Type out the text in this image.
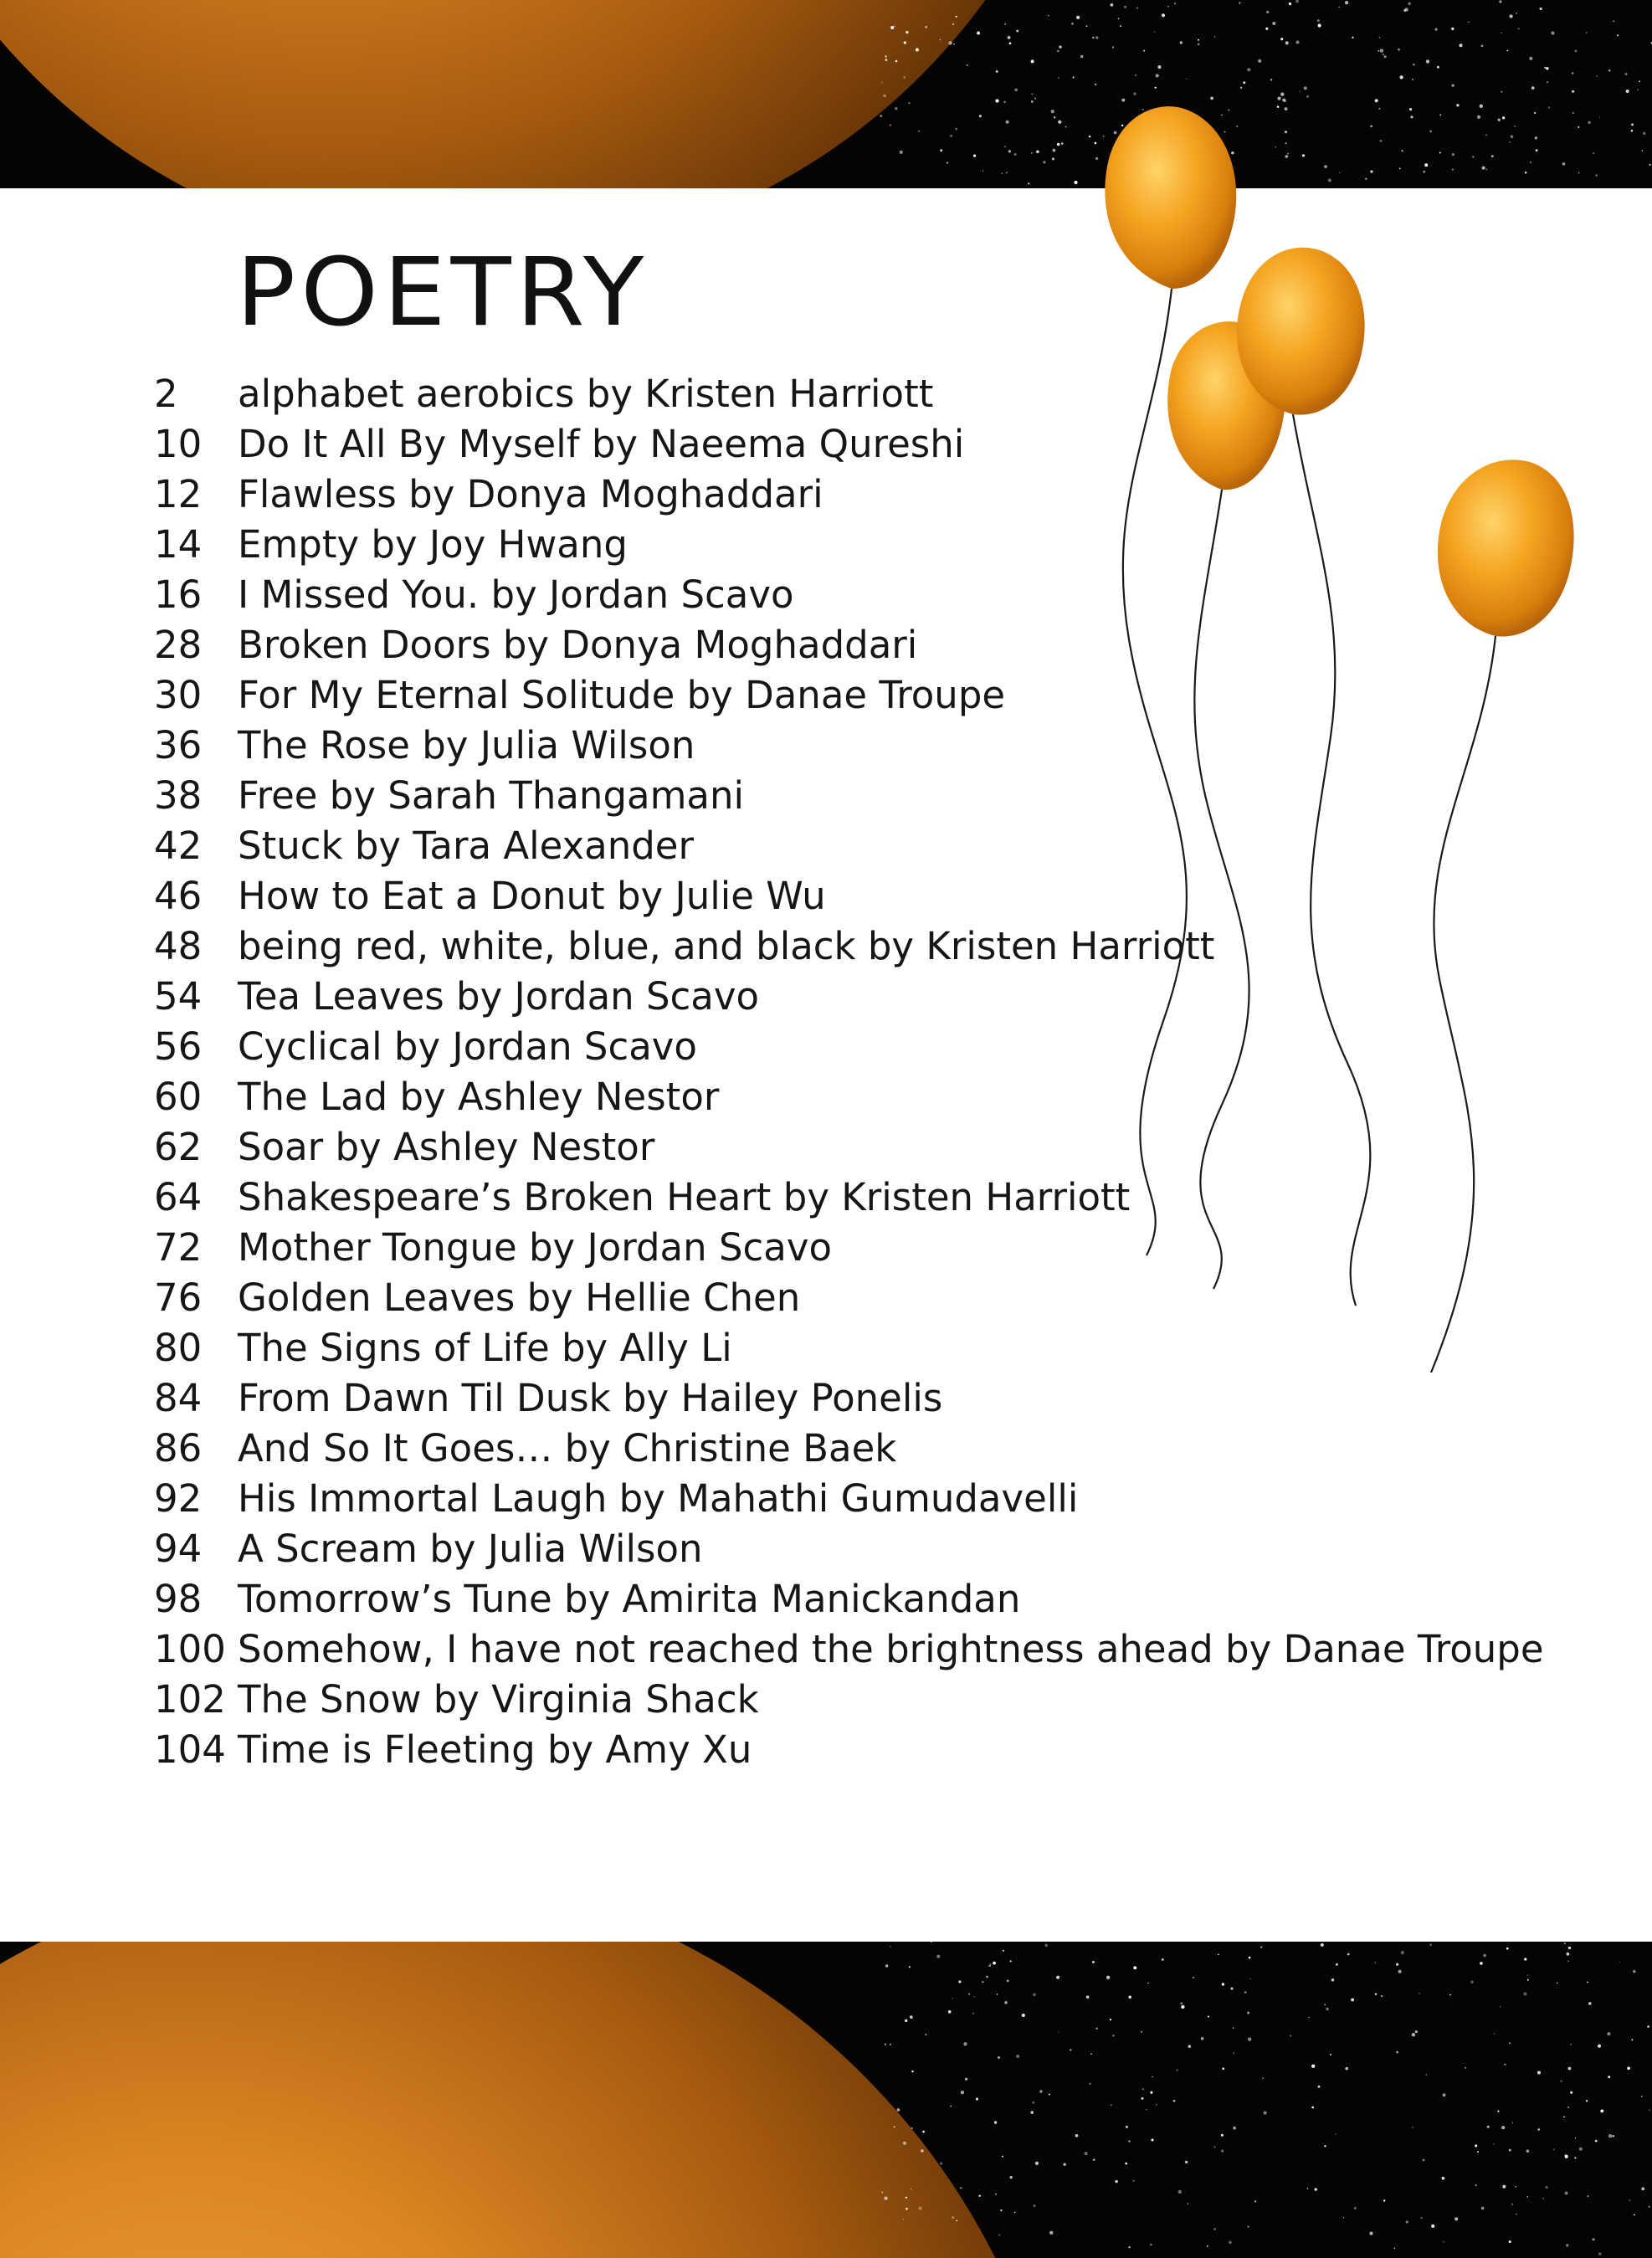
POETRY
2	alphabet aerobics by Kristen Harriott
10 Do It All By Myself by Naeema Qureshi
12 Flawless by Donya Moghaddari
14 Empty by Joy Hwang
16 I Missed You. by Jordan Scavo
28 Broken Doors by Donya Moghaddari
30 For My Eternal Solitude by Danae Troupe
36 The Rose by Julia Wilson
38 Free by Sarah Thangamani
42 Stuck by Tara Alexander
46 How to Eat a Donut by Julie Wu
48 being red, white, blue, and black by Kristen Harriott
54 Tea Leaves by Jordan Scavo
56 Cyclical by Jordan Scavo
60 The Lad by Ashley Nestor
62 Soar by Ashley Nestor
64 Shakespeare’s Broken Heart by Kristen Harriott
72 Mother Tongue by Jordan Scavo
76 Golden Leaves by Hellie Chen
80 The Signs of Life by Ally Li
84 From Dawn Til Dusk by Hailey Ponelis
86 And So It Goes… by Christine Baek
92 His Immortal Laugh by Mahathi Gumudavelli
94 A Scream by Julia Wilson
98 Tomorrow’s Tune by Amirita Manickandan
100 Somehow, I have not reached the brightness ahead by Danae Troupe
102 The Snow by Virginia Shack
104 Time is Fleeting by Amy Xu
